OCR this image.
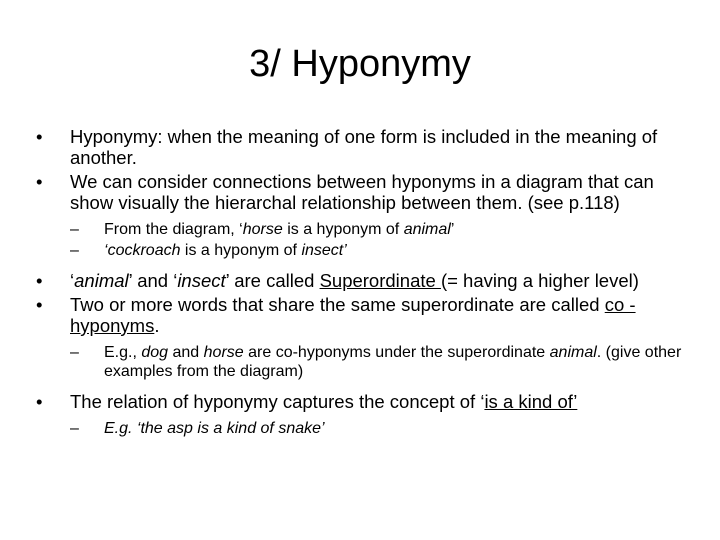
3/ Hyponymy
•	Hyponymy: when the meaning of one form is included in the meaning of another.
•	We can consider connections between hyponyms in a diagram that can show visually the hierarchal relationship between them. (see p.118)
– From the diagram, ‘horse is a hyponym of animal’
– ‘cockroach is a hyponym of insect’
•	‘animal’ and ‘insect’ are called Superordinate (= having a higher level)
•	Two or more words that share the same superordinate are called co -hyponyms.
– E.g., dog and horse are co-hyponyms under the superordinate animal. (give other examples from the diagram)
•	The relation of hyponymy captures the concept of ‘is a kind of’
– E.g. ‘the asp is a kind of snake’
